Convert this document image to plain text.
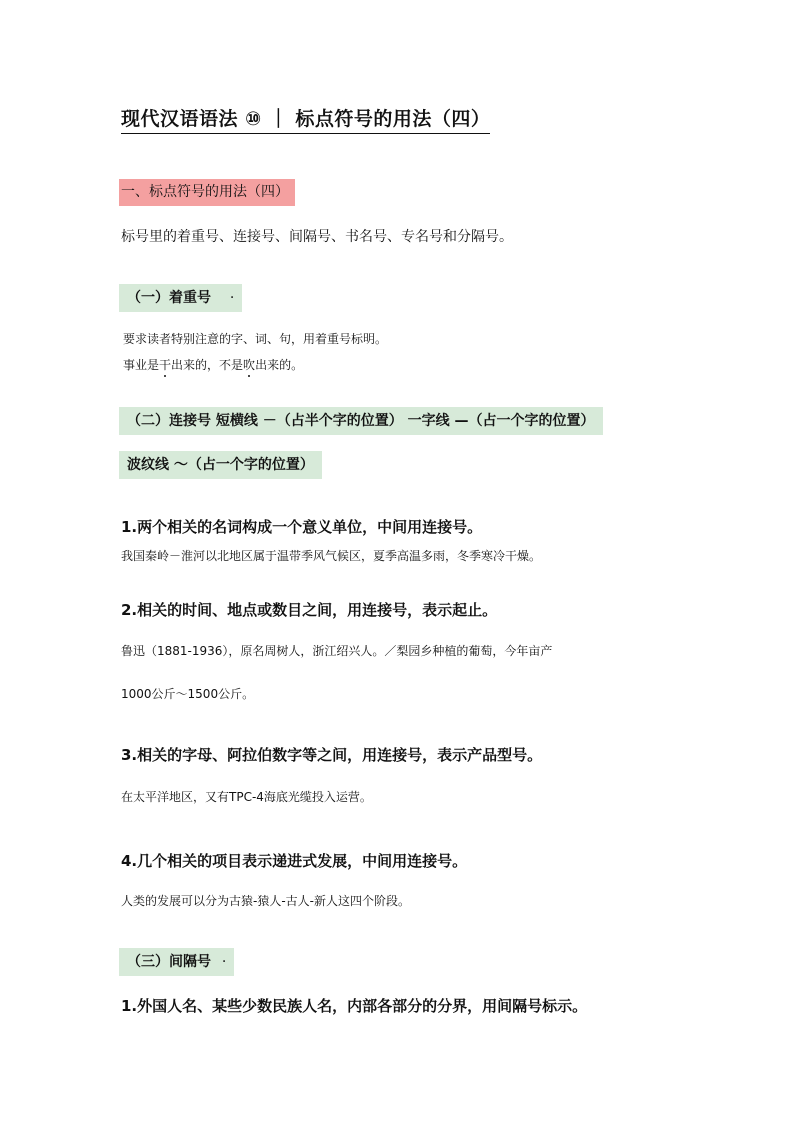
现代汉语语法 ⑩ ｜ 标点符号的用法（四）
一、标点符号的用法（四）
标号里的着重号、连接号、间隔号、书名号、专名号和分隔号。
（一）着重号 ·
要求读者特别注意的字、词、句，用着重号标明。
事业是干出来的，不是吹出来的。
（二）连接号 短横线 －（占半个字的位置） 一字线 —（占一个字的位置）
波纹线 ～（占一个字的位置）
1.两个相关的名词构成一个意义单位，中间用连接号。
我国秦岭－淮河以北地区属于温带季风气候区，夏季高温多雨，冬季寒冷干燥。
2.相关的时间、地点或数目之间，用连接号，表示起止。
鲁迅（1881-1936），原名周树人，浙江绍兴人。／梨园乡种植的葡萄，今年亩产
1000公斤～1500公斤。
3.相关的字母、阿拉伯数字等之间，用连接号，表示产品型号。
在太平洋地区，又有TPC-4海底光缆投入运营。
4.几个相关的项目表示递进式发展，中间用连接号。
人类的发展可以分为古猿-猿人-古人-新人这四个阶段。
（三）间隔号 ·
1.外国人名、某些少数民族人名，内部各部分的分界，用间隔号标示。
